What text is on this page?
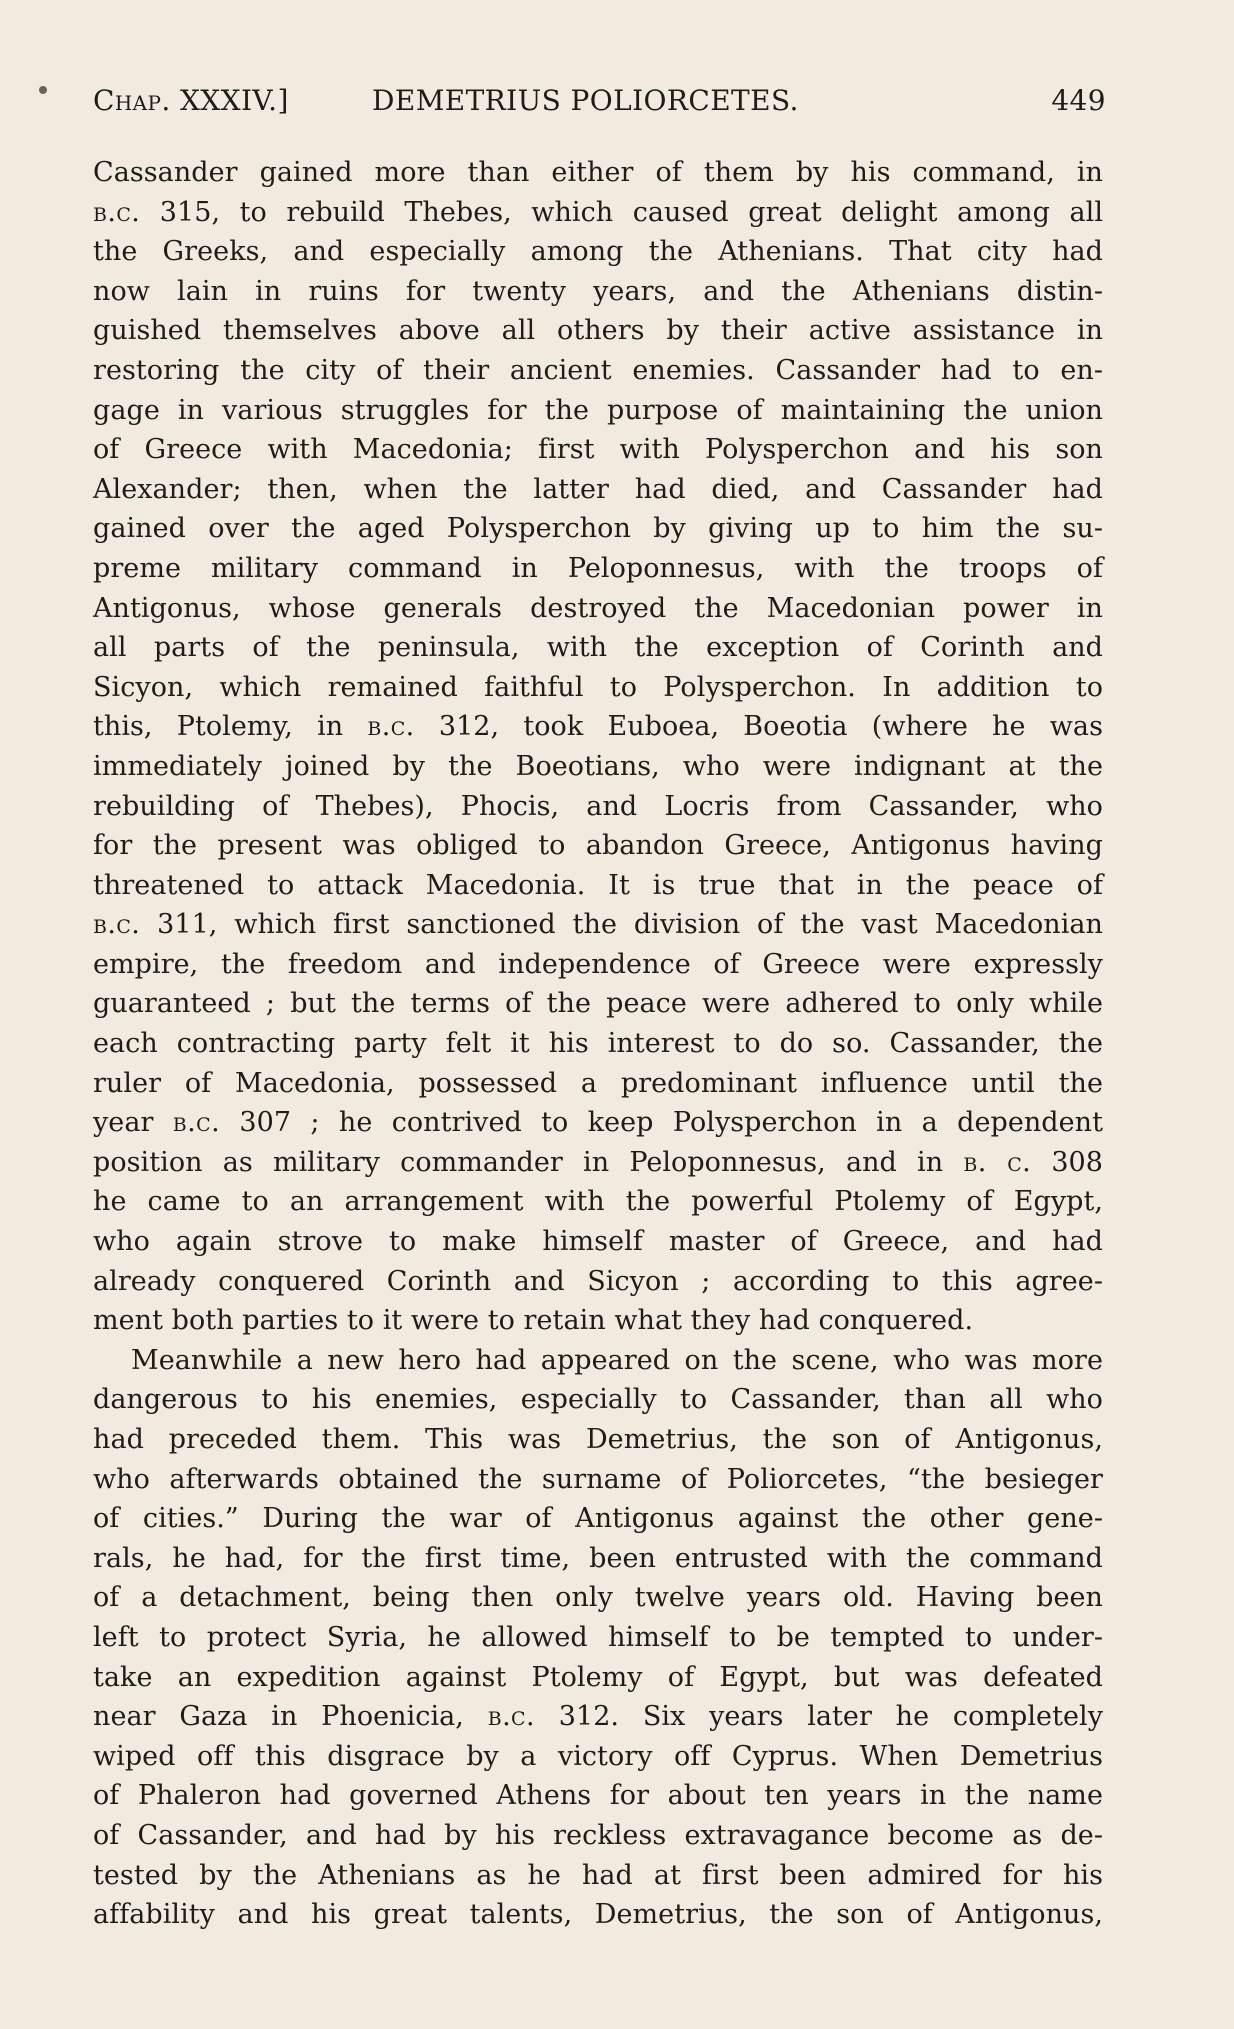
Chap. XXXIV.]	DEMETRIUS POLIORCETES.	449
Cassander gained more than either of them by his command, in
b.c. 315, to rebuild Thebes, which caused great delight among all
the Greeks, and especially among the Athenians. That city had
now lain in ruins for twenty years, and the Athenians distin-
guished themselves above all others by their active assistance in
restoring the city of their ancient enemies. Cassander had to en-
gage in various struggles for the purpose of maintaining the union
of Greece with Macedonia; first with Polysperchon and his son
Alexander; then, when the latter had died, and Cassander had
gained over the aged Polysperchon by giving up to him the su-
preme military command in Peloponnesus, with the troops of
Antigonus, whose generals destroyed the Macedonian power in
all parts of the peninsula, with the exception of Corinth and
Sicyon, which remained faithful to Polysperchon. In addition to
this, Ptolemy, in b.c. 312, took Euboea, Boeotia (where he was
immediately joined by the Boeotians, who were indignant at the
rebuilding of Thebes), Phocis, and Locris from Cassander, who
for the present was obliged to abandon Greece, Antigonus having
threatened to attack Macedonia. It is true that in the peace of
b.c. 311, which first sanctioned the division of the vast Macedonian
empire, the freedom and independence of Greece were expressly
guaranteed ; but the terms of the peace were adhered to only while
each contracting party felt it his interest to do so. Cassander, the
ruler of Macedonia, possessed a predominant influence until the
year b.c. 307 ; he contrived to keep Polysperchon in a dependent
position as military commander in Peloponnesus, and in b. c. 308
he came to an arrangement with the powerful Ptolemy of Egypt,
who again strove to make himself master of Greece, and had
already conquered Corinth and Sicyon ; according to this agree-
ment both parties to it were to retain what they had conquered.
Meanwhile a new hero had appeared on the scene, who was more
dangerous to his enemies, especially to Cassander, than all who
had preceded them. This was Demetrius, the son of Antigonus,
who afterwards obtained the surname of Poliorcetes, “the besieger
of cities.” During the war of Antigonus against the other gene-
rals, he had, for the first time, been entrusted with the command
of a detachment, being then only twelve years old. Having been
left to protect Syria, he allowed himself to be tempted to under-
take an expedition against Ptolemy of Egypt, but was defeated
near Gaza in Phoenicia, b.c. 312. Six years later he completely
wiped off this disgrace by a victory off Cyprus. When Demetrius
of Phaleron had governed Athens for about ten years in the name
of Cassander, and had by his reckless extravagance become as de-
tested by the Athenians as he had at first been admired for his
affability and his great talents, Demetrius, the son of Antigonus,
